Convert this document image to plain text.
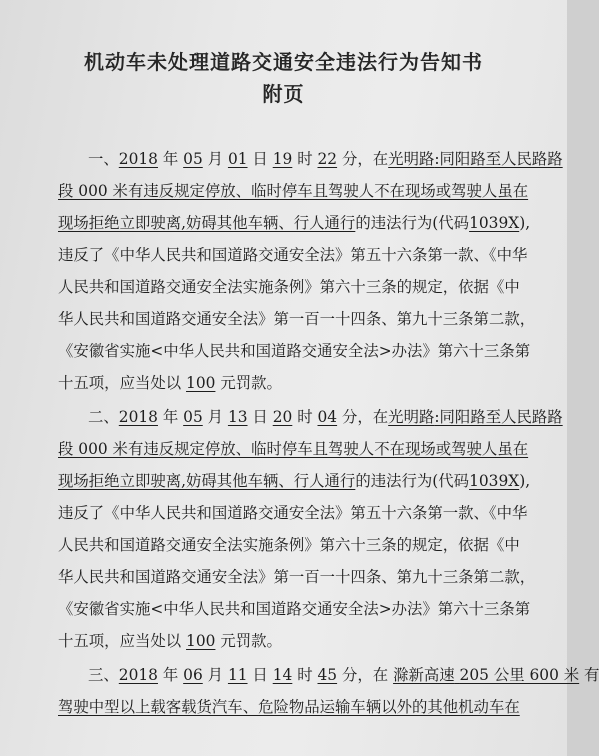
机动车未处理道路交通安全违法行为告知书
附页
一、2018 年 05 月 01 日 19 时 22 分，在光明路:同阳路至人民路路
段 000 米有违反规定停放、临时停车且驾驶人不在现场或驾驶人虽在
现场拒绝立即驶离,妨碍其他车辆、行人通行的违法行为(代码1039X),
违反了《中华人民共和国道路交通安全法》第五十六条第一款、《中华
人民共和国道路交通安全法实施条例》第六十三条的规定，依据《中
华人民共和国道路交通安全法》第一百一十四条、第九十三条第二款，
《安徽省实施<中华人民共和国道路交通安全法>办法》第六十三条第
十五项，应当处以 100 元罚款。
二、2018 年 05 月 13 日 20 时 04 分，在光明路:同阳路至人民路路
段 000 米有违反规定停放、临时停车且驾驶人不在现场或驾驶人虽在
现场拒绝立即驶离,妨碍其他车辆、行人通行的违法行为(代码1039X),
违反了《中华人民共和国道路交通安全法》第五十六条第一款、《中华
人民共和国道路交通安全法实施条例》第六十三条的规定，依据《中
华人民共和国道路交通安全法》第一百一十四条、第九十三条第二款，
《安徽省实施<中华人民共和国道路交通安全法>办法》第六十三条第
十五项，应当处以 100 元罚款。
三、2018 年 06 月 11 日 14 时 45 分，在 滁新高速 205 公里 600 米 有
驾驶中型以上载客载货汽车、危险物品运输车辆以外的其他机动车在
